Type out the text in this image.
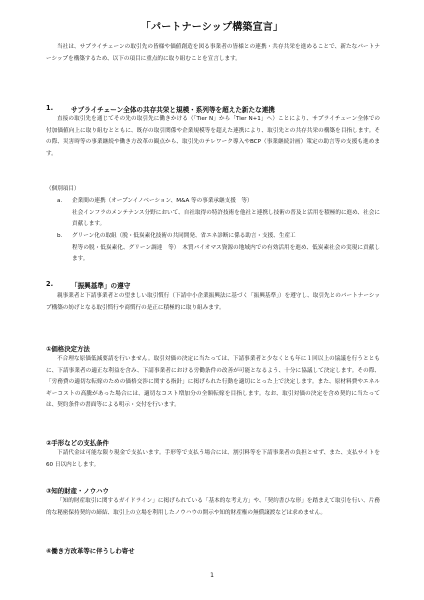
「パートナーシップ構築宣言」

当社は、サプライチェーンの取引先の皆様や価値創造を図る事業者の皆様との連携・共存共栄を進めることで、新たなパートナーシップを構築するため、以下の項目に重点的に取り組むことを宣言します。

1.	サプライチェーン全体の共存共栄と規模・系列等を超えた新たな連携

直接の取引先を通じてその先の取引先に働きかける（「Tier N」から「Tier N+1」へ）ことにより、サプライチェーン全体での付加価値向上に取り組むとともに、既存の取引関係や企業規模等を超えた連携により、取引先との共存共栄の構築を目指します。その際、災害時等の事業継続や働き方改革の観点から、取引先のテレワーク導入やBCP（事業継続計画）策定の助言等の支援も進めます。

（個別項目）
a. 企業間の連携（オープンイノベーション、M&A 等の事業承継支援　等）
社会インフラのメンテナンス分野において、自社取得の特許技術を他社と連携し技術の普及と活用を積極的に進め、社会に貢献します。
b. グリーン化の取組（脱・低炭素化技術の共同開発、省エネ診断に係る助言・支援、生産工
程等の脱・低炭素化、グリーン調達　等）　木質バイオマス資源の地域内での有効活用を進め、低炭素社会の実現に貢献します。
2.	「振興基準」の遵守

親事業者と下請事業者との望ましい取引慣行（下請中小企業振興法に基づく「振興基準」）を遵守し、取引先とのパートナーシップ構築の妨げとなる取引慣行や商慣行の是正に積極的に取り組みます。

①価格決定方法

不合理な原価低減要請を行いません。取引対価の決定に当たっては、下請事業者と少なくとも年に１回以上の協議を行うとともに、下請事業者の適正な利益を含み、下請事業者における労働条件の改善が可能となるよう、十分に協議して決定します。その際、「労務費の適切な転嫁のための価格交渉に関する指針」に掲げられた行動を適切にとった上で決定します。また、原材料費やエネルギーコストの高騰があった場合には、適切なコスト増加分の全額転嫁を目指します。なお、取引対価の決定を含め契約に当たっては、契約条件の書面等による明示・交付を行います。

②手形などの支払条件

下請代金は可能な限り現金で支払います。手形等で支払う場合には、割引料等を下請事業者の負担とせず、また、支払サイトを 60 日以内とします。

③知的財産・ノウハウ

「知的財産取引に関するガイドライン」に掲げられている「基本的な考え方」や、「契約書ひな形」を踏まえて取引を行い、片務的な秘密保持契約の締結、取引上の立場を利用したノウハウの開示や知的財産権の無償譲渡などは求めません。

④働き方改革等に伴うしわ寄せ
1
